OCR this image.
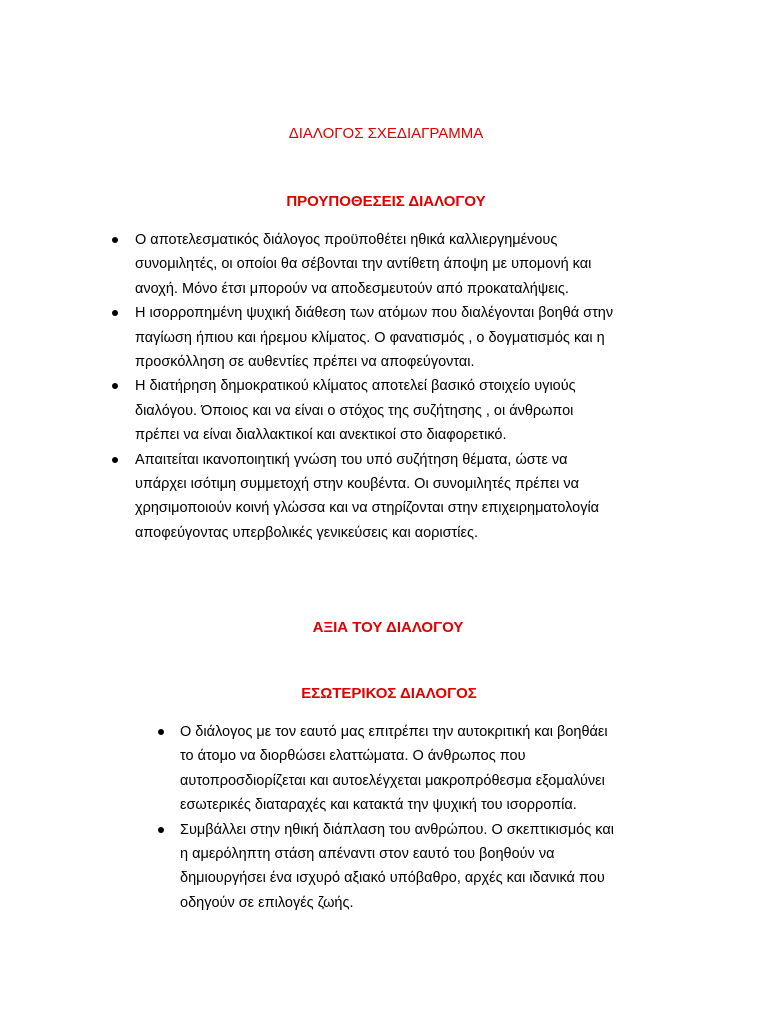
ΔΙΑΛΟΓΟΣ ΣΧΕΔΙΑΓΡΑΜΜΑ
ΠΡΟΥΠΟΘΕΣΕΙΣ ΔΙΑΛΟΓΟΥ
Ο αποτελεσματικός διάλογος προϋποθέτει ηθικά καλλιεργημένους
συνομιλητές, οι οποίοι θα σέβονται την αντίθετη άποψη με υπομονή και
ανοχή. Μόνο έτσι μπορούν να αποδεσμευτούν από προκαταλήψεις.
Η ισορροπημένη ψυχική διάθεση των ατόμων που διαλέγονται βοηθά στην
παγίωση ήπιου και ήρεμου κλίματος. Ο φανατισμός , ο δογματισμός και η
προσκόλληση σε αυθεντίες πρέπει να αποφεύγονται.
Η διατήρηση δημοκρατικού κλίματος αποτελεί βασικό στοιχείο υγιούς
διαλόγου. Όποιος και να είναι ο στόχος της συζήτησης , οι άνθρωποι
πρέπει να είναι διαλλακτικοί και ανεκτικοί στο διαφορετικό.
Απαιτείται ικανοποιητική γνώση του υπό συζήτηση θέματα, ώστε να
υπάρχει ισότιμη συμμετοχή στην κουβέντα. Οι συνομιλητές πρέπει να
χρησιμοποιούν κοινή γλώσσα και να στηρίζονται στην επιχειρηματολογία
αποφεύγοντας υπερβολικές γενικεύσεις και αοριστίες.
ΑΞΙΑ ΤΟΥ ΔΙΑΛΟΓΟΥ
ΕΣΩΤΕΡΙΚΟΣ ΔΙΑΛΟΓΟΣ
Ο διάλογος με τον εαυτό μας επιτρέπει την αυτοκριτική και βοηθάει
το άτομο να διορθώσει ελαττώματα. Ο άνθρωπος που
αυτοπροσδιορίζεται και αυτοελέγχεται μακροπρόθεσμα εξομαλύνει
εσωτερικές διαταραχές και κατακτά την ψυχική του ισορροπία.
Συμβάλλει στην ηθική διάπλαση του ανθρώπου. Ο σκεπτικισμός και
η αμερόληπτη στάση απέναντι στον εαυτό του βοηθούν να
δημιουργήσει ένα ισχυρό αξιακό υπόβαθρο, αρχές και ιδανικά που
οδηγούν σε επιλογές ζωής.
